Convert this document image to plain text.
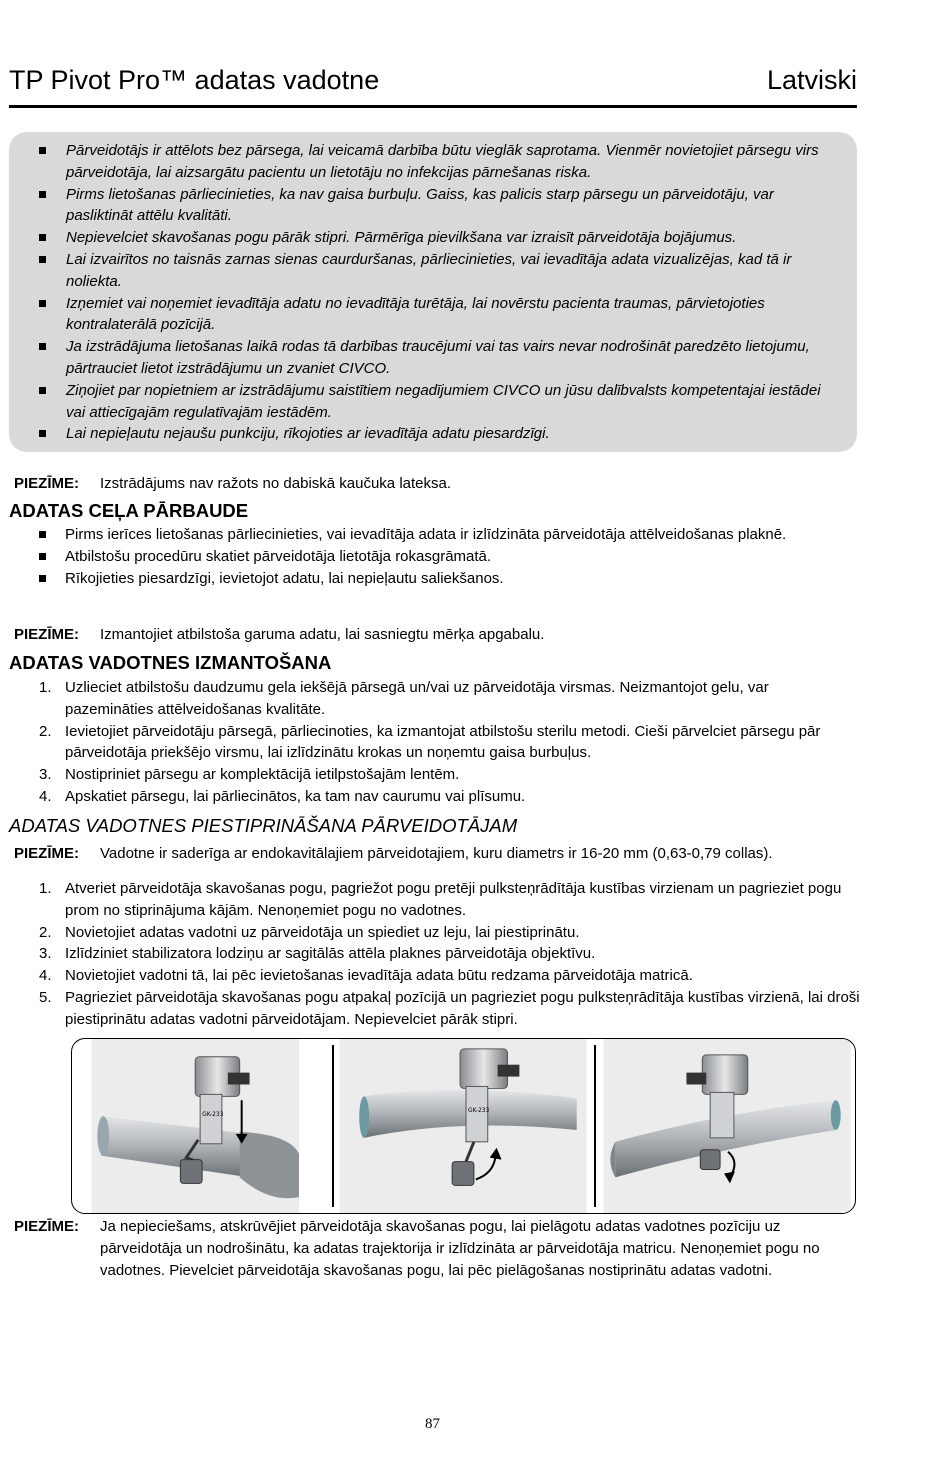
TP Pivot Pro™ adatas vadotne	Latviski
Pārveidotājs ir attēlots bez pārsega, lai veicamā darbība būtu vieglāk saprotama. Vienmēr novietojiet pārsegu virs pārveidotāja, lai aizsargātu pacientu un lietotāju no infekcijas pārnešanas riska.
Pirms lietošanas pārliecinieties, ka nav gaisa burbuļu. Gaiss, kas palicis starp pārsegu un pārveidotāju, var pasliktināt attēlu kvalitāti.
Nepievelciet skavošanas pogu pārāk stipri. Pārmērīga pievilkšana var izraisīt pārveidotāja bojājumus.
Lai izvairītos no taisnās zarnas sienas caurduršanas, pārliecinieties, vai ievadītāja adata vizualizējas, kad tā ir noliekta.
Izņemiet vai noņemiet ievadītāja adatu no ievadītāja turētāja, lai novērstu pacienta traumas, pārvietojoties kontralaterālā pozīcijā.
Ja izstrādājuma lietošanas laikā rodas tā darbības traucējumi vai tas vairs nevar nodrošināt paredzēto lietojumu, pārtrauciet lietot izstrādājumu un zvaniet CIVCO.
Ziņojiet par nopietniem ar izstrādājumu saistītiem negadījumiem CIVCO un jūsu dalībvalsts kompetentajai iestādei vai attiecīgajām regulatīvajām iestādēm.
Lai nepieļautu nejaušu punkciju, rīkojoties ar ievadītāja adatu piesardzīgi.
PIEZĪME: Izstrādājums nav ražots no dabiskā kaučuka lateksa.
ADATAS CEĻA PĀRBAUDE
Pirms ierīces lietošanas pārliecinieties, vai ievadītāja adata ir izlīdzināta pārveidotāja attēlveidošanas plaknē.
Atbilstošu procedūru skatiet pārveidotāja lietotāja rokasgrāmatā.
Rīkojieties piesardzīgi, ievietojot adatu, lai nepieļautu saliekšanos.
PIEZĪME: Izmantojiet atbilstoša garuma adatu, lai sasniegtu mērķa apgabalu.
ADATAS VADOTNES IZMANTOŠANA
1. Uzlieciet atbilstošu daudzumu gela iekšējā pārsegā un/vai uz pārveidotāja virsmas. Neizmantojot gelu, var pazemināties attēlveidošanas kvalitāte.
2. Ievietojiet pārveidotāju pārsegā, pārliecinoties, ka izmantojat atbilstošu sterilu metodi. Cieši pārvelciet pārsegu pār pārveidotāja priekšējo virsmu, lai izlīdzinātu krokas un noņemtu gaisa burbuļus.
3. Nostipriniet pārsegu ar komplektācijā ietilpstošajām lentēm.
4. Apskatiet pārsegu, lai pārliecinātos, ka tam nav caurumu vai plīsumu.
ADATAS VADOTNES PIESTIPRINĀŠANA PĀRVEIDOTĀJAM
PIEZĪME: Vadotne ir saderīga ar endokavitālajiem pārveidotajiem, kuru diametrs ir 16-20 mm (0,63-0,79 collas).
1. Atveriet pārveidotāja skavošanas pogu, pagriežot pogu pretēji pulksteņrādītāja kustības virzienam un pagrieziet pogu prom no stiprinājuma kājām. Nenoņemiet pogu no vadotnes.
2. Novietojiet adatas vadotni uz pārveidotāja un spiediet uz leju, lai piestiprinātu.
3. Izlīdziniet stabilizatora lodziņu ar sagitālās attēla plaknes pārveidotāja objektīvu.
4. Novietojiet vadotni tā, lai pēc ievietošanas ievadītāja adata būtu redzama pārveidotāja matricā.
5. Pagrieziet pārveidotāja skavošanas pogu atpakaļ pozīcijā un pagrieziet pogu pulksteņrādītāja kustības virzienā, lai droši piestiprinātu adatas vadotni pārveidotājam. Nepievelciet pārāk stipri.
GK-233
GK-233
PIEZĪME: Ja nepieciešams, atskrūvējiet pārveidotāja skavošanas pogu, lai pielāgotu adatas vadotnes pozīciju uz pārveidotāja un nodrošinātu, ka adatas trajektorija ir izlīdzināta ar pārveidotāja matricu. Nenoņemiet pogu no vadotnes. Pievelciet pārveidotāja skavošanas pogu, lai pēc pielāgošanas nostiprinātu adatas vadotni.
87
